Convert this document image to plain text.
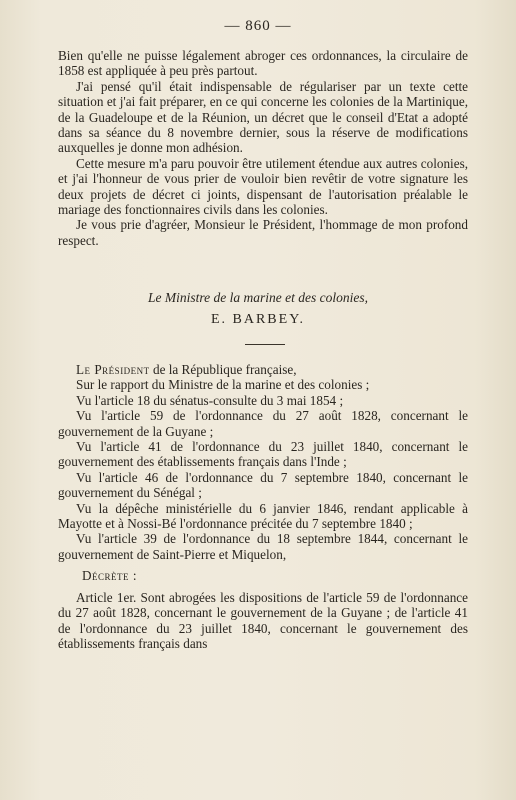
— 860 —

Bien qu'elle ne puisse légalement abroger ces ordonnances, la circulaire de 1858 est appliquée à peu près partout.

J'ai pensé qu'il était indispensable de régulariser par un texte cette situation et j'ai fait préparer, en ce qui concerne les colonies de la Martinique, de la Guadeloupe et de la Réunion, un décret que le conseil d'Etat a adopté dans sa séance du 8 novembre dernier, sous la réserve de modifications auxquelles je donne mon adhésion.

Cette mesure m'a paru pouvoir être utilement étendue aux autres colonies, et j'ai l'honneur de vous prier de vouloir bien revêtir de votre signature les deux projets de décret ci joints, dispensant de l'autorisation préalable le mariage des fonctionnaires civils dans les colonies.

Je vous prie d'agréer, Monsieur le Président, l'hommage de mon profond respect.

Le Ministre de la marine et des colonies,
E. BARBEY.

Le Président de la République française,

Sur le rapport du Ministre de la marine et des colonies ;

Vu l'article 18 du sénatus-consulte du 3 mai 1854 ;

Vu l'article 59 de l'ordonnance du 27 août 1828, concernant le gouvernement de la Guyane ;

Vu l'article 41 de l'ordonnance du 23 juillet 1840, concernant le gouvernement des établissements français dans l'Inde ;

Vu l'article 46 de l'ordonnance du 7 septembre 1840, concernant le gouvernement du Sénégal ;

Vu la dépêche ministérielle du 6 janvier 1846, rendant applicable à Mayotte et à Nossi-Bé l'ordonnance précitée du 7 septembre 1840 ;

Vu l'article 39 de l'ordonnance du 18 septembre 1844, concernant le gouvernement de Saint-Pierre et Miquelon,

Décrète :

Article 1er. Sont abrogées les dispositions de l'article 59 de l'ordonnance du 27 août 1828, concernant le gouvernement de la Guyane ; de l'article 41 de l'ordonnance du 23 juillet 1840, concernant le gouvernement des établissements français dans
